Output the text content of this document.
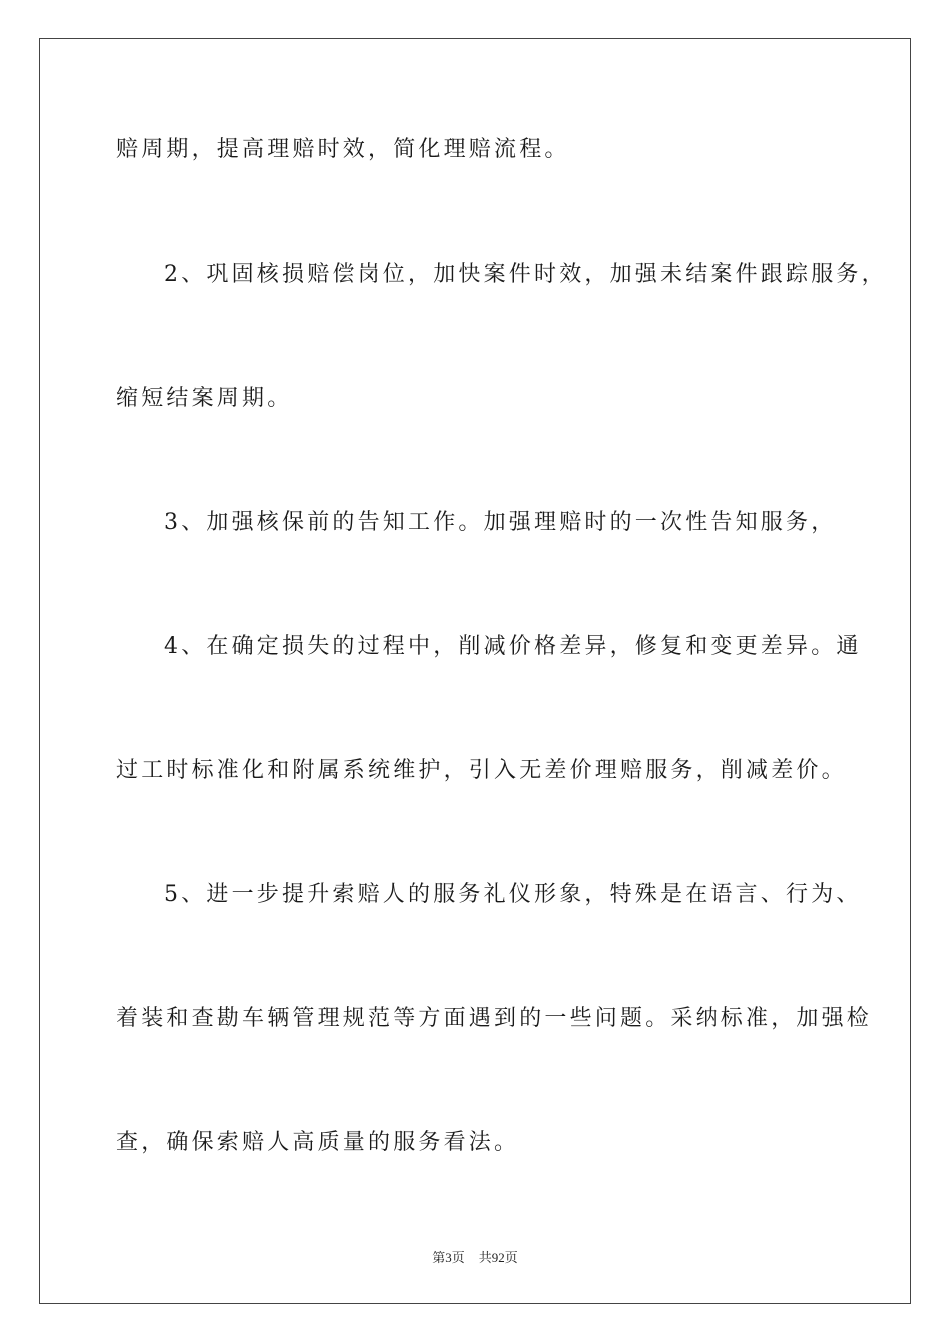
赔周期，提高理赔时效，简化理赔流程。
2、巩固核损赔偿岗位，加快案件时效，加强未结案件跟踪服务，
缩短结案周期。
3、加强核保前的告知工作。加强理赔时的一次性告知服务，
4、在确定损失的过程中，削减价格差异，修复和变更差异。通
过工时标准化和附属系统维护，引入无差价理赔服务，削减差价。
5、进一步提升索赔人的服务礼仪形象，特殊是在语言、行为、
着装和查勘车辆管理规范等方面遇到的一些问题。采纳标准，加强检
查，确保索赔人高质量的服务看法。
第3页 共92页
